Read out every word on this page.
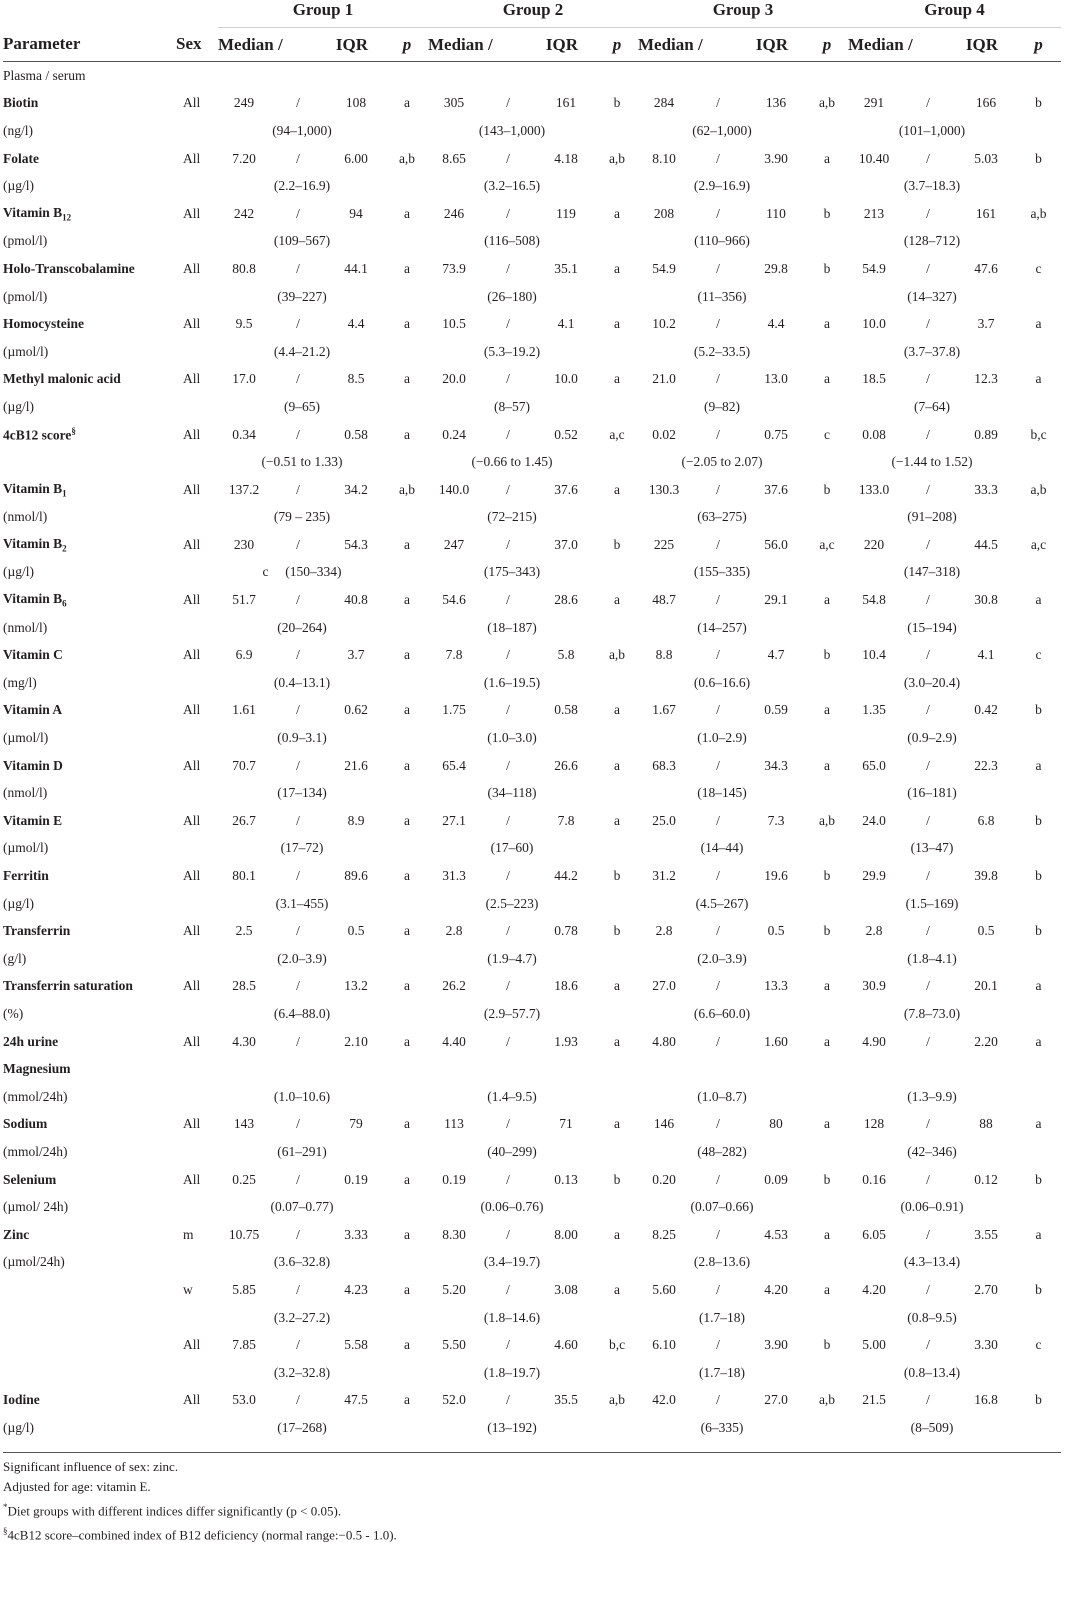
		Group 1		Group 2		Group 3		Group 4	
Parameter	Sex	Median / IQR	p	Median / IQR	p	Median / IQR	p	Median / IQR	p
Plasma / serum									
Biotin	All	249 / 108	a	305 / 161	b	284 / 136	a,b	291 / 166	b
(ng/l)		(94–1,000)		(143–1,000)		(62–1,000)		(101–1,000)	
Folate	All	7.20 / 6.00	a,b	8.65 / 4.18	a,b	8.10 / 3.90	a	10.40 / 5.03	b
(µg/l)		(2.2–16.9)		(3.2–16.5)		(2.9–16.9)		(3.7–18.3)	
Vitamin $B_{12}$	All	242 / 94	a	246 / 119	a	208 / 110	b	213 / 161	a,b
(pmol/l)		(109–567)		(116–508)		(110–966)		(128–712)	
Holo-Transcobalamine	All	80.8 / 44.1	a	73.9 / 35.1	a	54.9 / 29.8	b	54.9 / 47.6	c
(pmol/l)		(39–227)		(26–180)		(11–356)		(14–327)	
Homocysteine	All	9.5 / 4.4	a	10.5 / 4.1	a	10.2 / 4.4	a	10.0 / 3.7	a
(µmol/l)		(4.4–21.2)		(5.3–19.2)		(5.2–33.5)		(3.7–37.8)	
Methyl malonic acid	All	17.0 / 8.5	a	20.0 / 10.0	a	21.0 / 13.0	a	18.5 / 12.3	a
(µg/l)		(9–65)		(8–57)		(9–82)		(7–64)	
4cB12 score§	All	0.34 / 0.58	a	0.24 / 0.52	a,c	0.02 / 0.75	c	0.08 / 0.89	b,c
		(−0.51 to 1.33)		(−0.66 to 1.45)		(−2.05 to 2.07)		(−1.44 to 1.52)	
Vitamin $B_1$	All	137.2 / 34.2	a,b	140.0 / 37.6	a	130.3 / 37.6	b	133.0 / 33.3	a,b
(nmol/l)		(79 – 235)		(72–215)		(63–275)		(91–208)	
Vitamin $B_2$	All	230 / 54.3	a	247 / 37.0	b	225 / 56.0	a,c	220 / 44.5	a,c
(µg/l)		c     (150–334)		(175–343)		(155–335)		(147–318)	
Vitamin $B_6$	All	51.7 / 40.8	a	54.6 / 28.6	a	48.7 / 29.1	a	54.8 / 30.8	a
(nmol/l)		(20–264)		(18–187)		(14–257)		(15–194)	
Vitamin C	All	6.9 / 3.7	a	7.8 / 5.8	a,b	8.8 / 4.7	b	10.4 / 4.1	c
(mg/l)		(0.4–13.1)		(1.6–19.5)		(0.6–16.6)		(3.0–20.4)	
Vitamin A	All	1.61 / 0.62	a	1.75 / 0.58	a	1.67 / 0.59	a	1.35 / 0.42	b
(µmol/l)		(0.9–3.1)		(1.0–3.0)		(1.0–2.9)		(0.9–2.9)	
Vitamin D	All	70.7 / 21.6	a	65.4 / 26.6	a	68.3 / 34.3	a	65.0 / 22.3	a
(nmol/l)		(17–134)		(34–118)		(18–145)		(16–181)	
Vitamin E	All	26.7 / 8.9	a	27.1 / 7.8	a	25.0 / 7.3	a,b	24.0 / 6.8	b
(µmol/l)		(17–72)		(17–60)		(14–44)		(13–47)	
Ferritin	All	80.1 / 89.6	a	31.3 / 44.2	b	31.2 / 19.6	b	29.9 / 39.8	b
(µg/l)		(3.1–455)		(2.5–223)		(4.5–267)		(1.5–169)	
Transferrin	All	2.5 / 0.5	a	2.8 / 0.78	b	2.8 / 0.5	b	2.8 / 0.5	b
(g/l)		(2.0–3.9)		(1.9–4.7)		(2.0–3.9)		(1.8–4.1)	
Transferrin saturation	All	28.5 / 13.2	a	26.2 / 18.6	a	27.0 / 13.3	a	30.9 / 20.1	a
(%)		(6.4–88.0)		(2.9–57.7)		(6.6–60.0)		(7.8–73.0)	
24h urine	All	4.30 / 2.10	a	4.40 / 1.93	a	4.80 / 1.60	a	4.90 / 2.20	a
Magnesium									
(mmol/24h)		(1.0–10.6)		(1.4–9.5)		(1.0–8.7)		(1.3–9.9)	
Sodium	All	143 / 79	a	113 / 71	a	146 / 80	a	128 / 88	a
(mmol/24h)		(61–291)		(40–299)		(48–282)		(42–346)	
Selenium	All	0.25 / 0.19	a	0.19 / 0.13	b	0.20 / 0.09	b	0.16 / 0.12	b
(µmol/ 24h)		(0.07–0.77)		(0.06–0.76)		(0.07–0.66)		(0.06–0.91)	
Zinc	m	10.75 / 3.33	a	8.30 / 8.00	a	8.25 / 4.53	a	6.05 / 3.55	a
(µmol/24h)		(3.6–32.8)		(3.4–19.7)		(2.8–13.6)		(4.3–13.4)	
	w	5.85 / 4.23	a	5.20 / 3.08	a	5.60 / 4.20	a	4.20 / 2.70	b
		(3.2–27.2)		(1.8–14.6)		(1.7–18)		(0.8–9.5)	
	All	7.85 / 5.58	a	5.50 / 4.60	b,c	6.10 / 3.90	b	5.00 / 3.30	c
		(3.2–32.8)		(1.8–19.7)		(1.7–18)		(0.8–13.4)	
Iodine	All	53.0 / 47.5	a	52.0 / 35.5	a,b	42.0 / 27.0	a,b	21.5 / 16.8	b
(µg/l)		(17–268)		(13–192)		(6–335)		(8–509)	

Significant influence of sex: zinc.
Adjusted for age: vitamin E.
*Diet groups with different indices differ significantly (p < 0.05).
§4cB12 score–combined index of B12 deficiency (normal range:−0.5 - 1.0).
